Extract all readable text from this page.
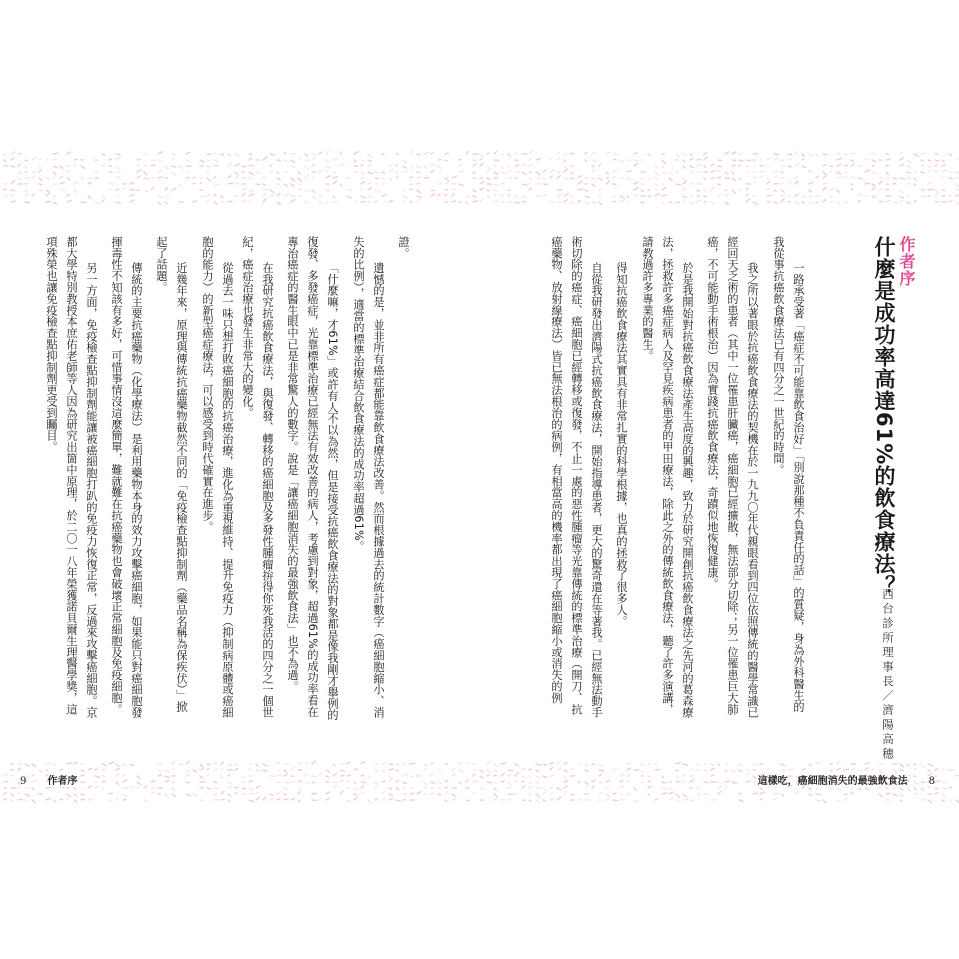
作者序
什麼是成功率高達61%的飲食療法？
西台診所理事長／濟陽高穗

一路承受著「癌症不可能靠飲食治好」「別說那種不負責任的話」的質疑，身為外科醫生的

我從事抗癌飲食療法已有四分之一世紀的時間。

我之所以著眼於抗癌飲食療法的契機在於一九九〇年代親眼看到四位依照傳統的醫學常識已

經回天乏術的患者（其中一位罹患肝臟癌，癌細胞已經擴散，無法部分切除；另一位罹患巨大肺

癌，不可能動手術根治）因為實踐抗癌飲食療法，奇蹟似地恢復健康。

於是我開始對抗癌飲食療法產生高度的興趣，致力於研究開創抗癌飲食療法之先河的葛森療

法，拯救許多癌症病人及罕見疾病患者的甲田療法，除此之外的傳統飲食療法，聽了許多演講，

請教過許多專業的醫生。

得知抗癌飲食療法其實具有非常扎實的科學根據，也真的拯救了很多人。

自從我研發出濟陽式抗癌飲食療法，開始指導患者，更大的驚奇還在等著我。已經無法動手

術切除的癌症、癌細胞已經轉移或復發，不止一處的惡性腫瘤等光靠傳統的標準治療（開刀、抗

癌藥物、放射線療法）皆已無法根治的病例，有相當高的機率都出現了癌細胞縮小或消失的例

證。

遺憾的是，並非所有癌症都能靠飲食療法改善。然而根據過去的統計數字（癌細胞縮小、消

失的比例），適當的標準治療結合飲食療法的成功率超過61%。

「什麼嘛，才61%」或許有人不以為然，但是接受抗癌飲食療法的對象都是像我剛才舉例的

復發、多發癌症，光靠標準治療已經無法有效改善的病人，考慮到對象，超過61%的成功率看在

專治癌症的醫生眼中已是非常驚人的數字。說是「讓癌細胞消失的最強飲食法」也不為過。

在我研究抗癌飲食療法，與復發、轉移的癌細胞及多發性腫瘤拚得你死我活的四分之一個世

紀，癌症治療也發生非常大的變化。

從過去一味只想打敗癌細胞的抗癌治療，進化為重視維持、提升免疫力（抑制病原體或癌細

胞的能力）的新型癌症療法，可以感受到時代確實在進步。

近幾年來，原理與傳統抗癌藥物截然不同的「免疫檢查點抑制劑（藥品名稱為保疾伏）」掀

起了話題。

傳統的主要抗癌藥物（化學療法）是利用藥物本身的效力攻擊癌細胞，如果能只對癌細胞發

揮毒性不知該有多好，可惜事情沒這麼簡單，難就難在抗癌藥物也會破壞正常細胞及免疫細胞。

另一方面，免疫檢查點抑制劑能讓被癌細胞打趴的免疫力恢復正常，反過來攻擊癌細胞。京

都大學特別教授本庶佑老師等人因為研究出箇中原理，於二〇一八年榮獲諾貝爾生理醫學獎，這

項殊榮也讓免疫檢查點抑制劑更受到矚目。

9 作者序	這樣吃，癌細胞消失的最強飲食法 8
